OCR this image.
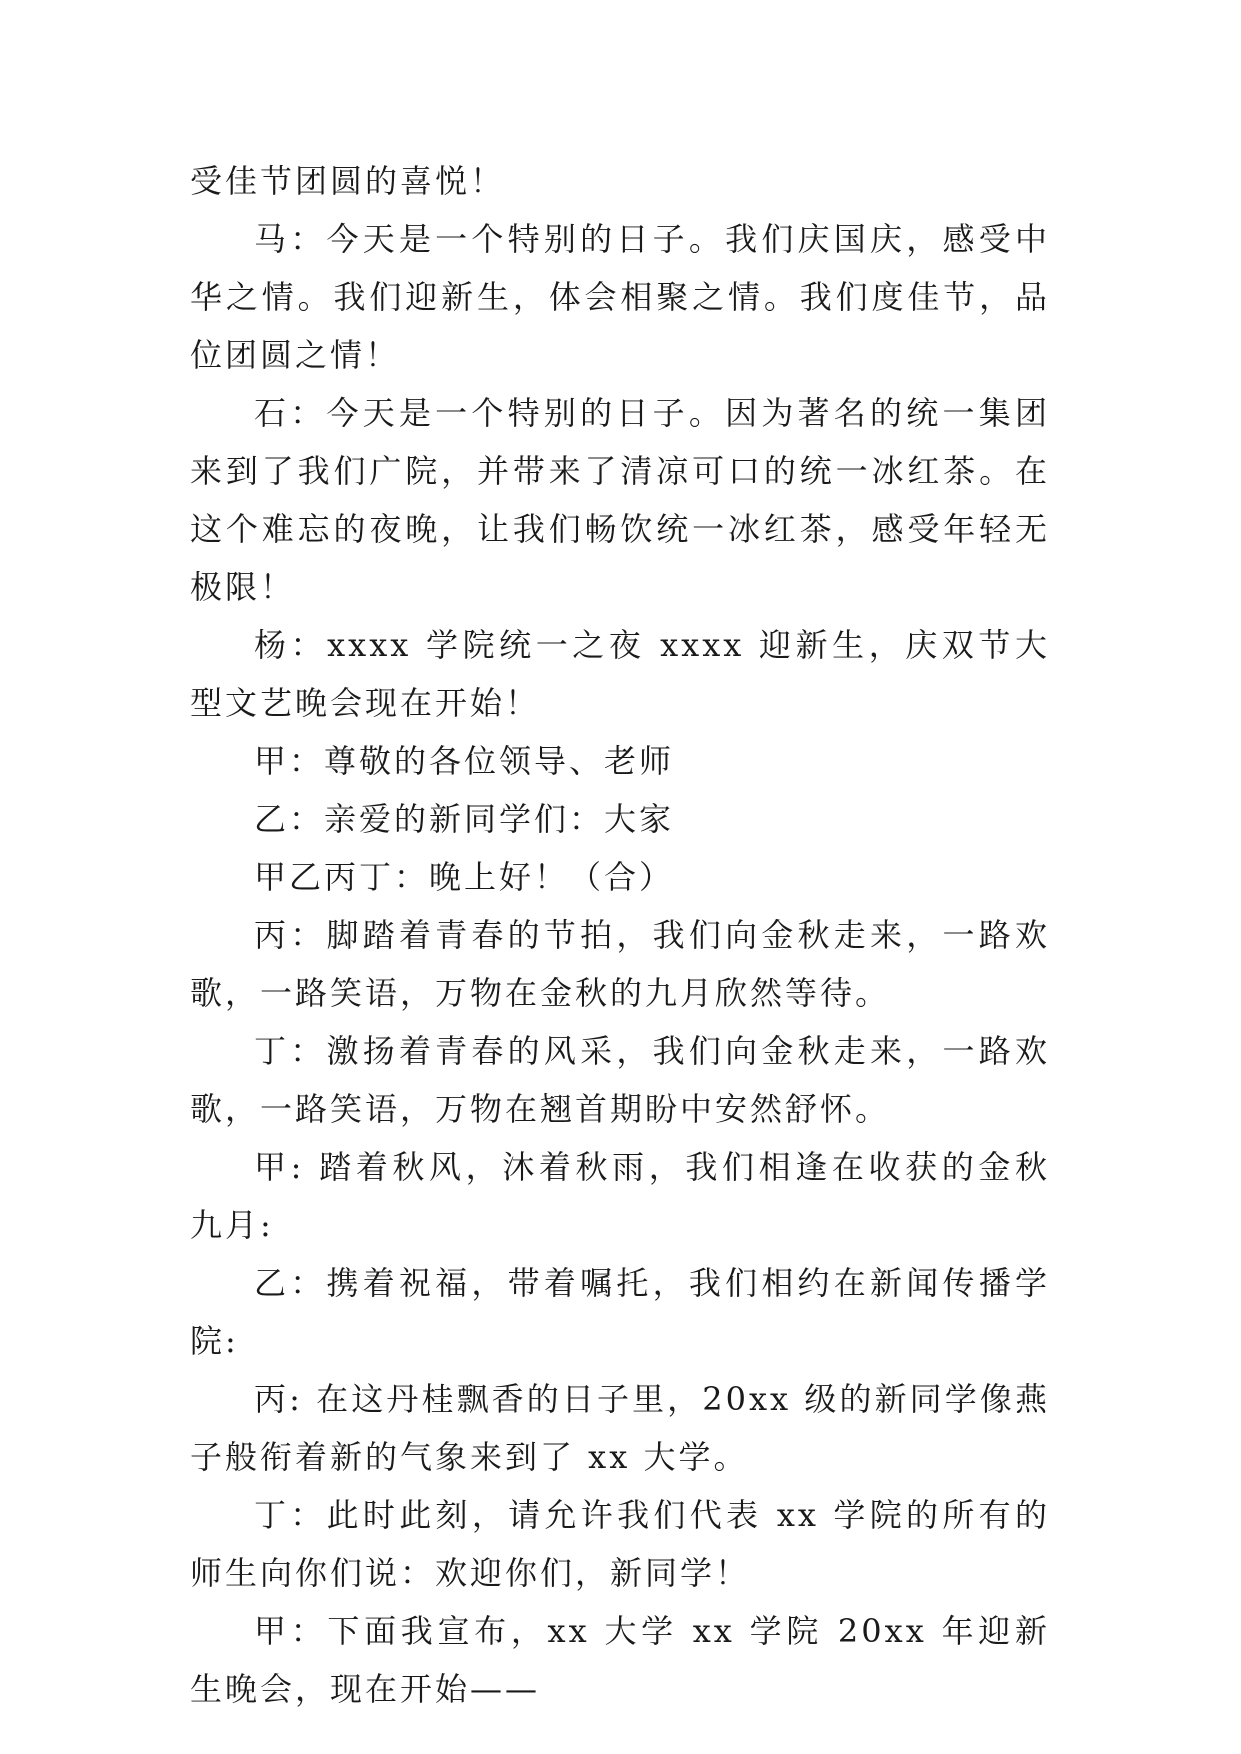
受佳节团圆的喜悦！

马：今天是一个特别的日子。我们庆国庆，感受中华之情。我们迎新生，体会相聚之情。我们度佳节，品位团圆之情！

石：今天是一个特别的日子。因为著名的统一集团来到了我们广院，并带来了清凉可口的统一冰红茶。在这个难忘的夜晚，让我们畅饮统一冰红茶，感受年轻无极限！

杨：xxxx 学院统一之夜 xxxx 迎新生，庆双节大型文艺晚会现在开始！

甲：尊敬的各位领导、老师

乙：亲爱的新同学们：大家

甲乙丙丁：晚上好！（合）

丙：脚踏着青春的节拍，我们向金秋走来，一路欢歌，一路笑语，万物在金秋的九月欣然等待。

丁：激扬着青春的风采，我们向金秋走来，一路欢歌，一路笑语，万物在翘首期盼中安然舒怀。

甲: 踏着秋风，沐着秋雨，我们相逢在收获的金秋九月:

乙：携着祝福，带着嘱托，我们相约在新闻传播学院:

丙: 在这丹桂飘香的日子里，20xx 级的新同学像燕子般衔着新的气象来到了 xx 大学。

丁：此时此刻，请允许我们代表 xx 学院的所有的师生向你们说：欢迎你们，新同学！

甲：下面我宣布，xx 大学 xx 学院 20xx 年迎新生晚会，现在开始——
